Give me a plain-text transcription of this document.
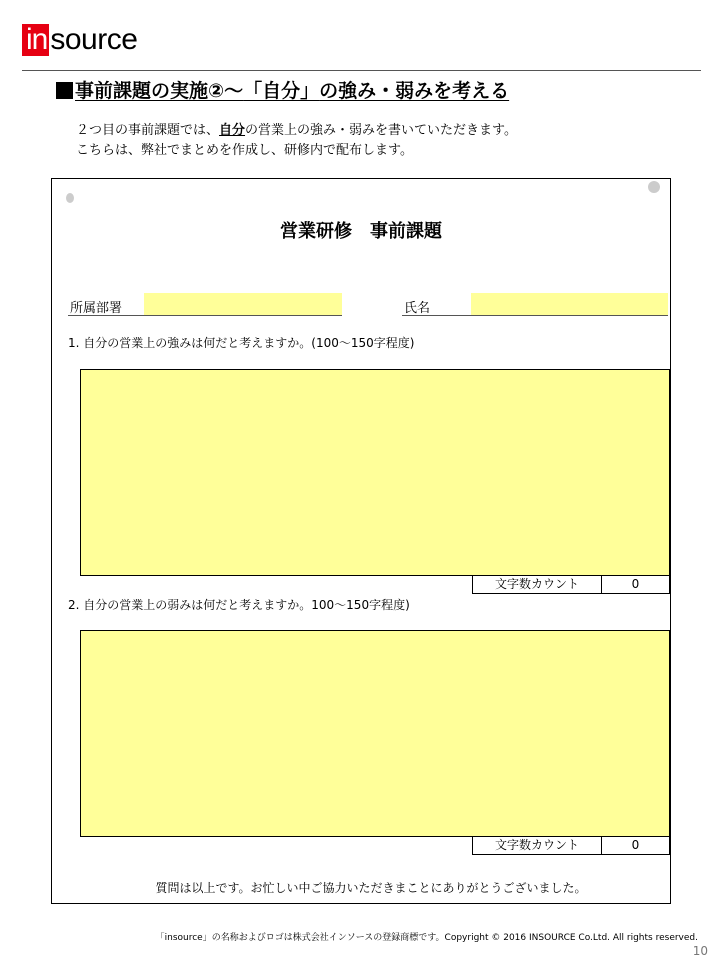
in source
事前課題の実施②〜「自分」の強み・弱みを考える
２つ目の事前課題では、自分の営業上の強み・弱みを書いていただきます。
こちらは、弊社でまとめを作成し、研修内で配布します。
営業研修　事前課題
所属部署	氏名
1. 自分の営業上の強みは何だと考えますか。(100〜150字程度)
文字数カウント	0
2. 自分の営業上の弱みは何だと考えますか。100〜150字程度)
文字数カウント	0
質問は以上です。お忙しい中ご協力いただきまことにありがとうございました。
「insource」の名称およびロゴは株式会社インソースの登録商標です。Copyright © 2016 INSOURCE Co.Ltd. All rights reserved.
10
